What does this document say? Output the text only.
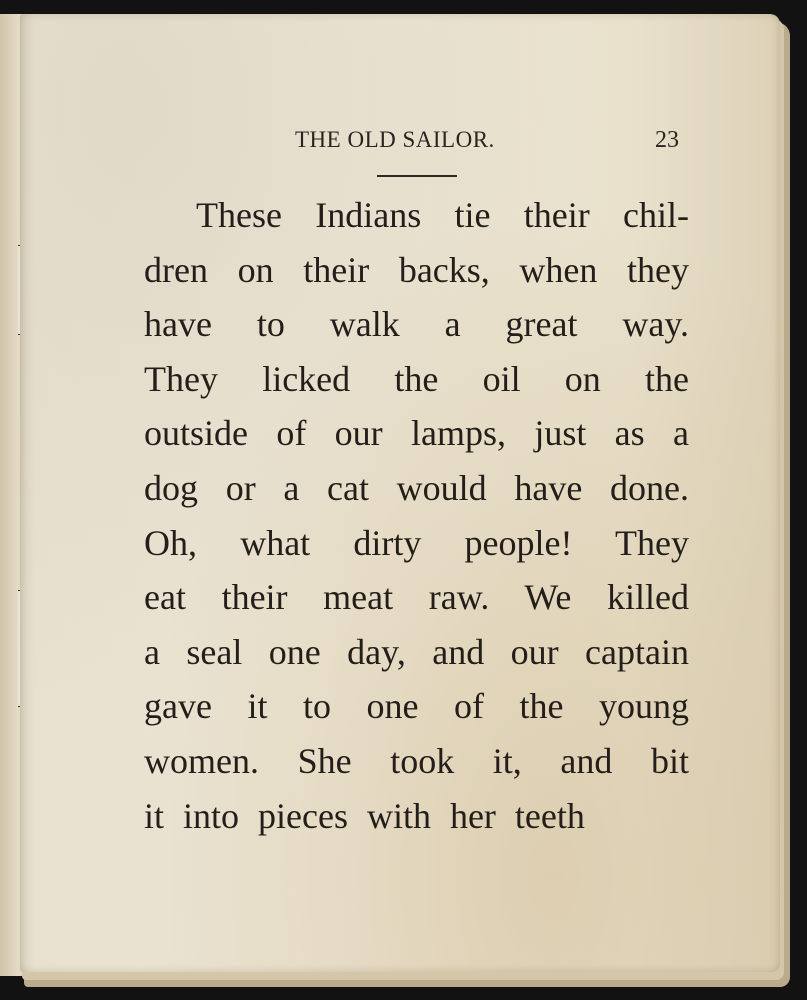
THE OLD SAILOR.	23
These Indians tie their chil-
dren on their backs, when they
have to walk a great way.
They licked the oil on the
outside of our lamps, just as a
dog or a cat would have done.
Oh, what dirty people! They
eat their meat raw. We killed
a seal one day, and our captain
gave it to one of the young
women. She took it, and bit
it into pieces with her teeth
